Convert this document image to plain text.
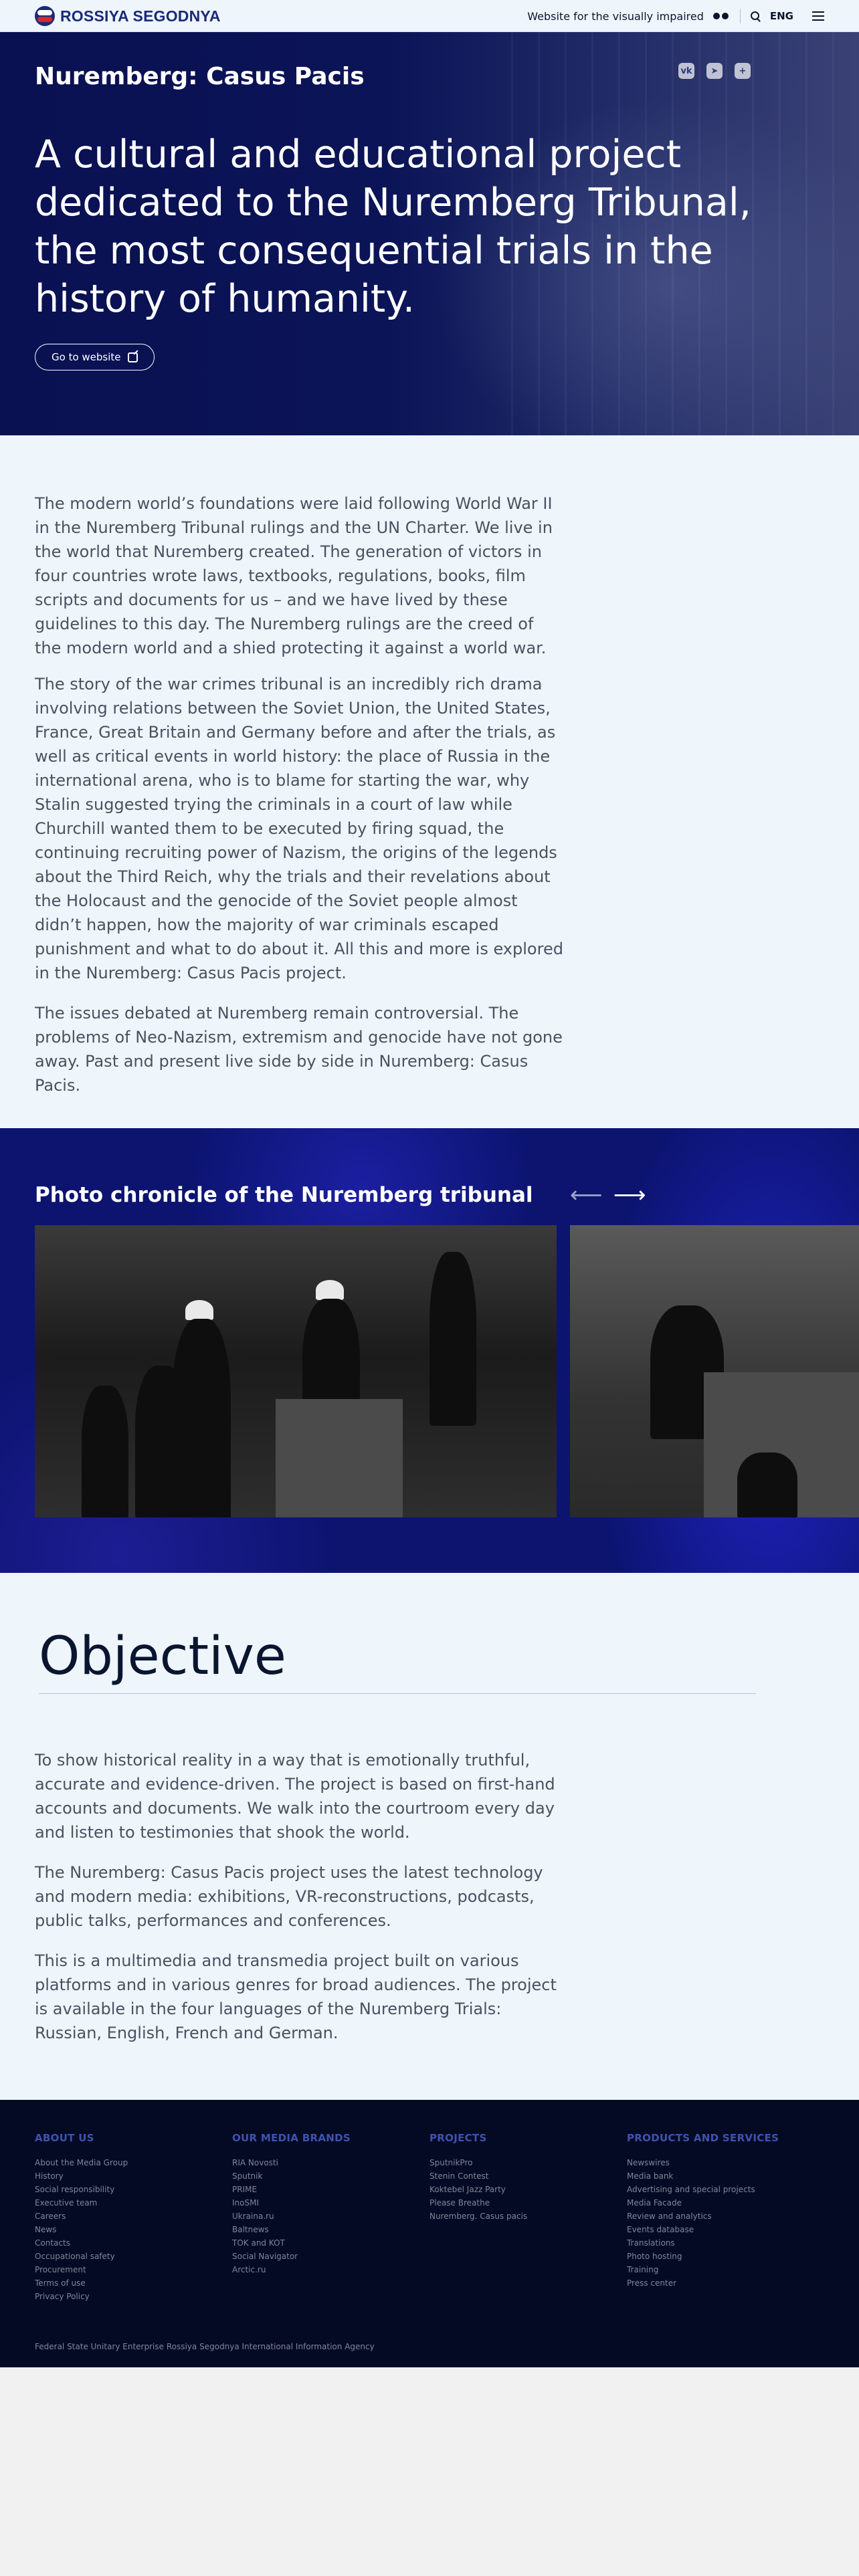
ROSSIYA SEGODNYA	Website for the visually impaired	ENG
Nuremberg: Casus Pacis	vk	➤	+

A cultural and educational project dedicated to the Nuremberg Tribunal, the most consequential trials in the history of humanity.

Go to website

The modern world’s foundations were laid following World War II in the Nuremberg Tribunal rulings and the UN Charter. We live in the world that Nuremberg created. The generation of victors in four countries wrote laws, textbooks, regulations, books, film scripts and documents for us – and we have lived by these guidelines to this day. The Nuremberg rulings are the creed of the modern world and a shied protecting it against a world war.

The story of the war crimes tribunal is an incredibly rich drama involving relations between the Soviet Union, the United States, France, Great Britain and Germany before and after the trials, as well as critical events in world history: the place of Russia in the international arena, who is to blame for starting the war, why Stalin suggested trying the criminals in a court of law while Churchill wanted them to be executed by firing squad, the continuing recruiting power of Nazism, the origins of the legends about the Third Reich, why the trials and their revelations about the Holocaust and the genocide of the Soviet people almost didn’t happen, how the majority of war criminals escaped punishment and what to do about it. All this and more is explored in the Nuremberg: Casus Pacis project.

The issues debated at Nuremberg remain controversial. The problems of Neo-Nazism, extremism and genocide have not gone away. Past and present live side by side in Nuremberg: Casus Pacis.

Photo chronicle of the Nuremberg tribunal ⟵ ⟶
Objective

To show historical reality in a way that is emotionally truthful, accurate and evidence-driven. The project is based on first-hand accounts and documents. We walk into the courtroom every day and listen to testimonies that shook the world.

The Nuremberg: Casus Pacis project uses the latest technology and modern media: exhibitions, VR-reconstructions, podcasts, public talks, performances and conferences.

This is a multimedia and transmedia project built on various platforms and in various genres for broad audiences. The project is available in the four languages of the Nuremberg Trials: Russian, English, French and German.

ABOUT US
About the Media Group
History
Social responsibility
Executive team
Careers
News
Contacts
Occupational safety
Procurement
Terms of use
Privacy Policy
OUR MEDIA BRANDS
RIA Novosti
Sputnik
PRIME
InoSMI
Ukraina.ru
Baltnews
TOK and KOT
Social Navigator
Arctic.ru
PROJECTS
SputnikPro
Stenin Contest
Koktebel Jazz Party
Please Breathe
Nuremberg. Casus pacis
PRODUCTS AND SERVICES
Newswires
Media bank
Advertising and special projects
Media Facade
Review and analytics
Events database
Translations
Photo hosting
Training
Press center
Federal State Unitary Enterprise Rossiya Segodnya International Information Agency
